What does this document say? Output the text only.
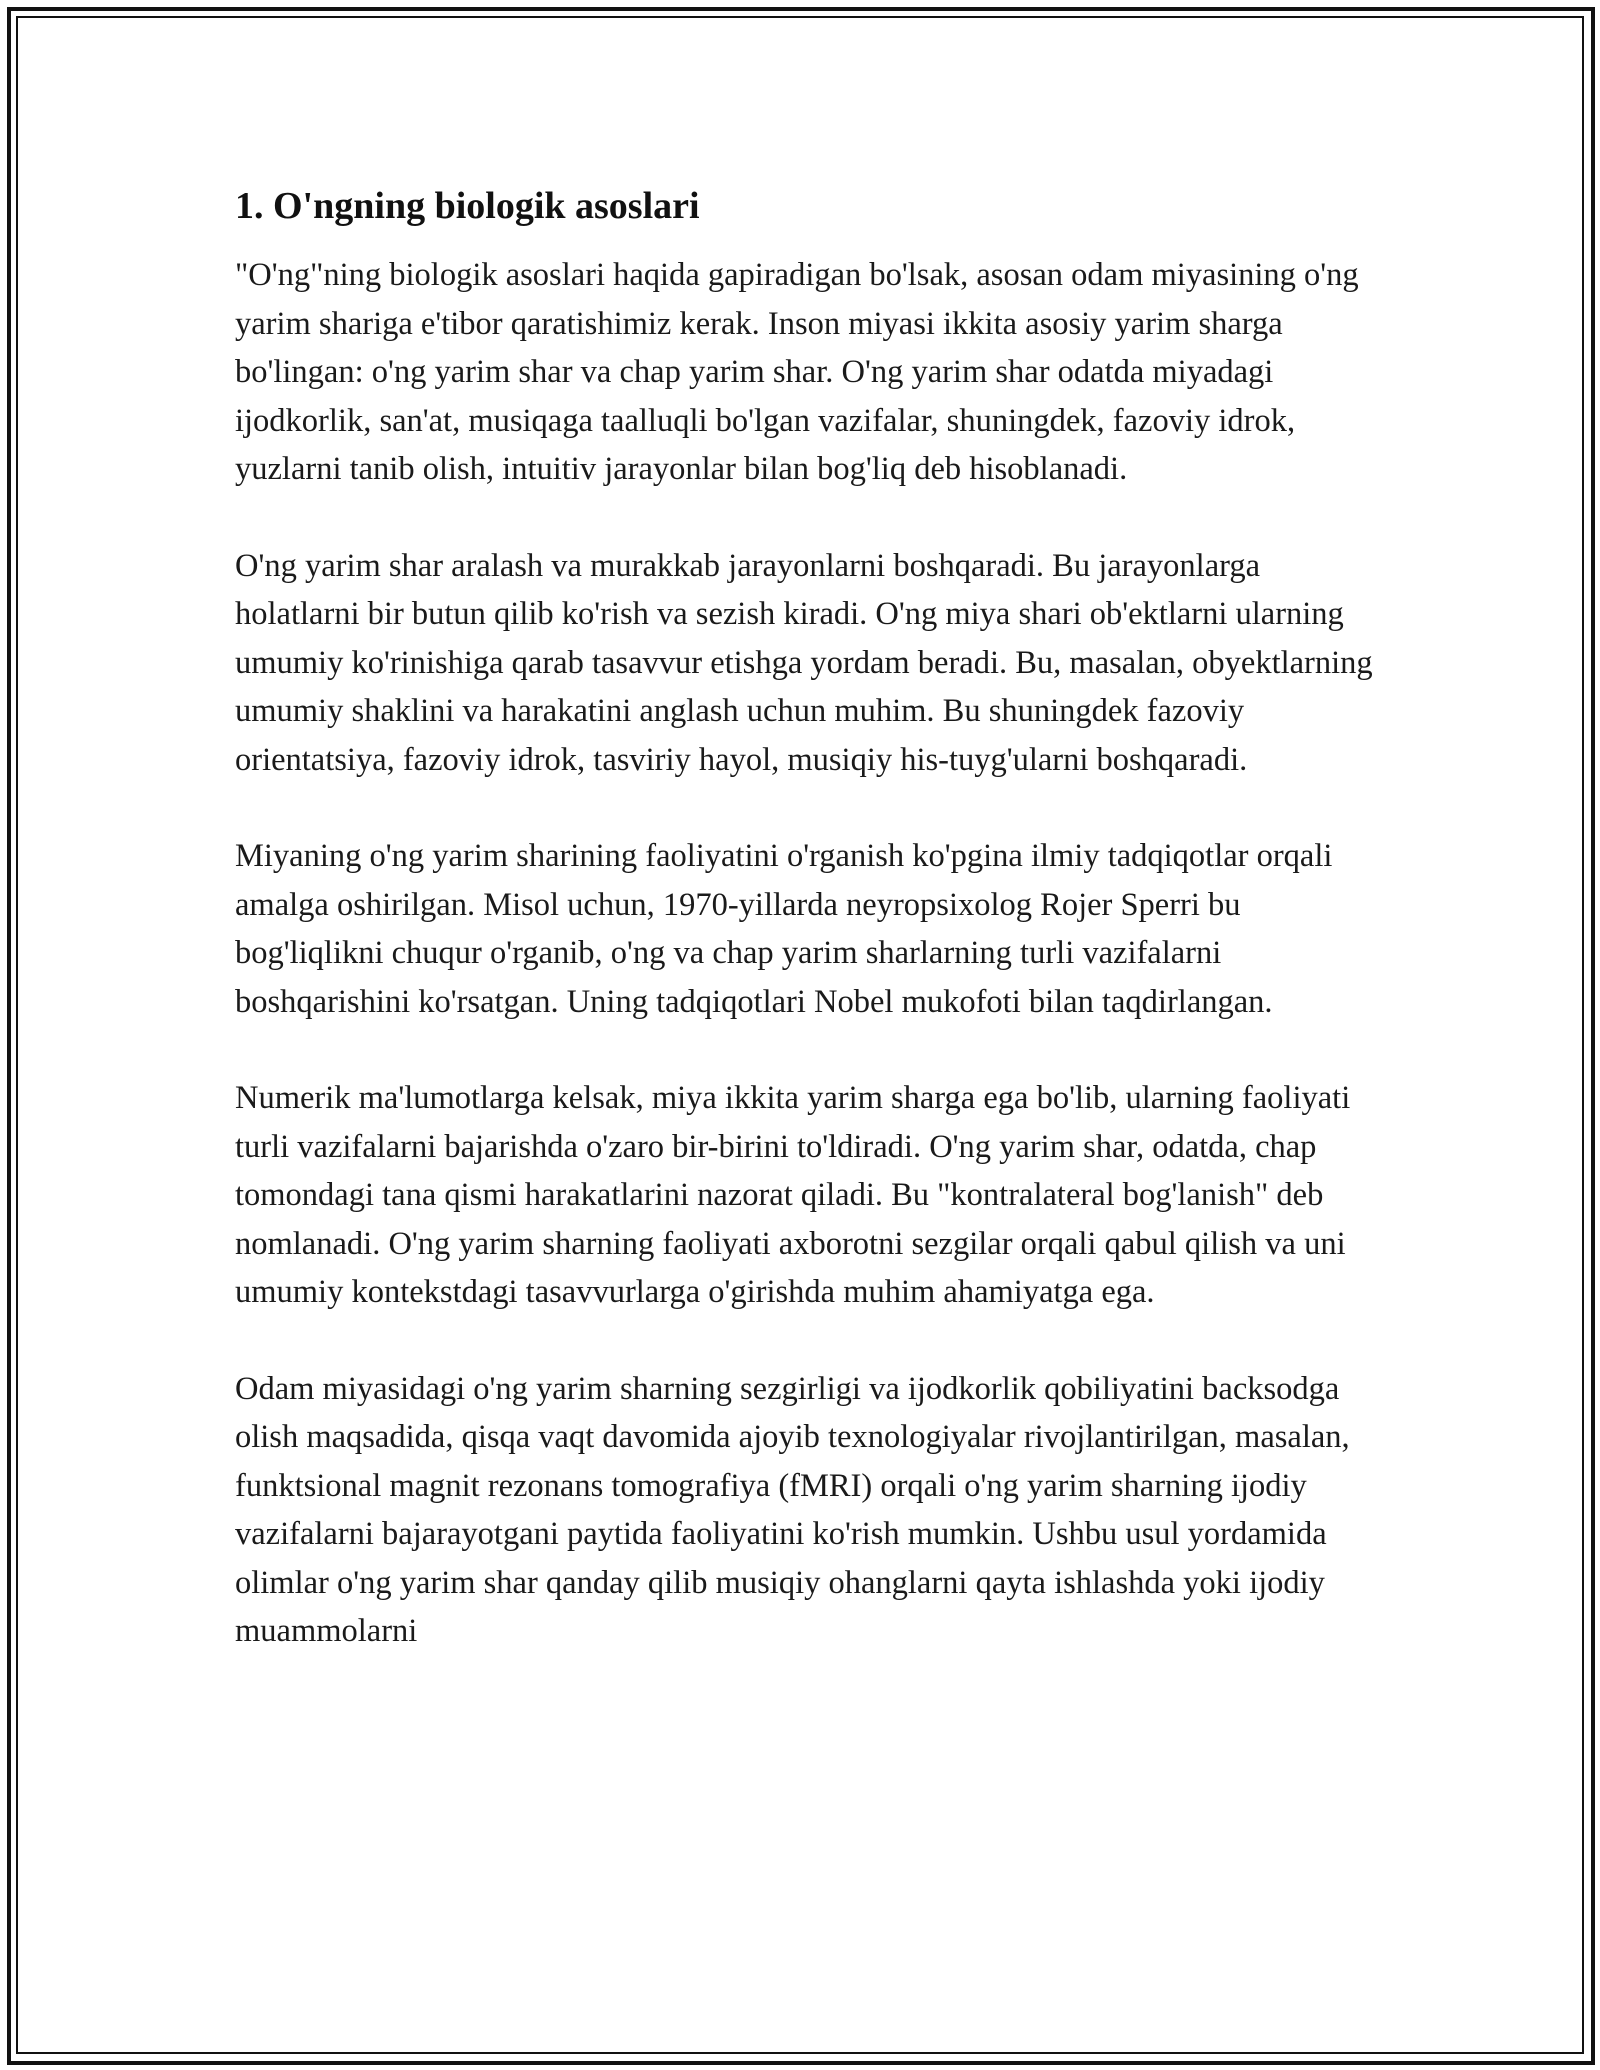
1. O'ngning biologik asoslari

"O'ng"ning biologik asoslari haqida gapiradigan bo'lsak, asosan odam miyasining o'ng yarim shariga e'tibor qaratishimiz kerak. Inson miyasi ikkita asosiy yarim sharga bo'lingan: o'ng yarim shar va chap yarim shar. O'ng yarim shar odatda miyadagi ijodkorlik, san'at, musiqaga taalluqli bo'lgan vazifalar, shuningdek, fazoviy idrok, yuzlarni tanib olish, intuitiv jarayonlar bilan bog'liq deb hisoblanadi.

O'ng yarim shar aralash va murakkab jarayonlarni boshqaradi. Bu jarayonlarga holatlarni bir butun qilib ko'rish va sezish kiradi. O'ng miya shari ob'ektlarni ularning umumiy ko'rinishiga qarab tasavvur etishga yordam beradi. Bu, masalan, obyektlarning umumiy shaklini va harakatini anglash uchun muhim. Bu shuningdek fazoviy orientatsiya, fazoviy idrok, tasviriy hayol, musiqiy his-tuyg'ularni boshqaradi.

Miyaning o'ng yarim sharining faoliyatini o'rganish ko'pgina ilmiy tadqiqotlar orqali amalga oshirilgan. Misol uchun, 1970-yillarda neyropsixolog Rojer Sperri bu bog'liqlikni chuqur o'rganib, o'ng va chap yarim sharlarning turli vazifalarni boshqarishini ko'rsatgan. Uning tadqiqotlari Nobel mukofoti bilan taqdirlangan.

Numerik ma'lumotlarga kelsak, miya ikkita yarim sharga ega bo'lib, ularning faoliyati turli vazifalarni bajarishda o'zaro bir-birini to'ldiradi. O'ng yarim shar, odatda, chap tomondagi tana qismi harakatlarini nazorat qiladi. Bu "kontralateral bog'lanish" deb nomlanadi. O'ng yarim sharning faoliyati axborotni sezgilar orqali qabul qilish va uni umumiy kontekstdagi tasavvurlarga o'girishda muhim ahamiyatga ega.

Odam miyasidagi o'ng yarim sharning sezgirligi va ijodkorlik qobiliyatini backsodga olish maqsadida, qisqa vaqt davomida ajoyib texnologiyalar rivojlantirilgan, masalan, funktsional magnit rezonans tomografiya (fMRI) orqali o'ng yarim sharning ijodiy vazifalarni bajarayotgani paytida faoliyatini ko'rish mumkin. Ushbu usul yordamida olimlar o'ng yarim shar qanday qilib musiqiy ohanglarni qayta ishlashda yoki ijodiy muammolarni
